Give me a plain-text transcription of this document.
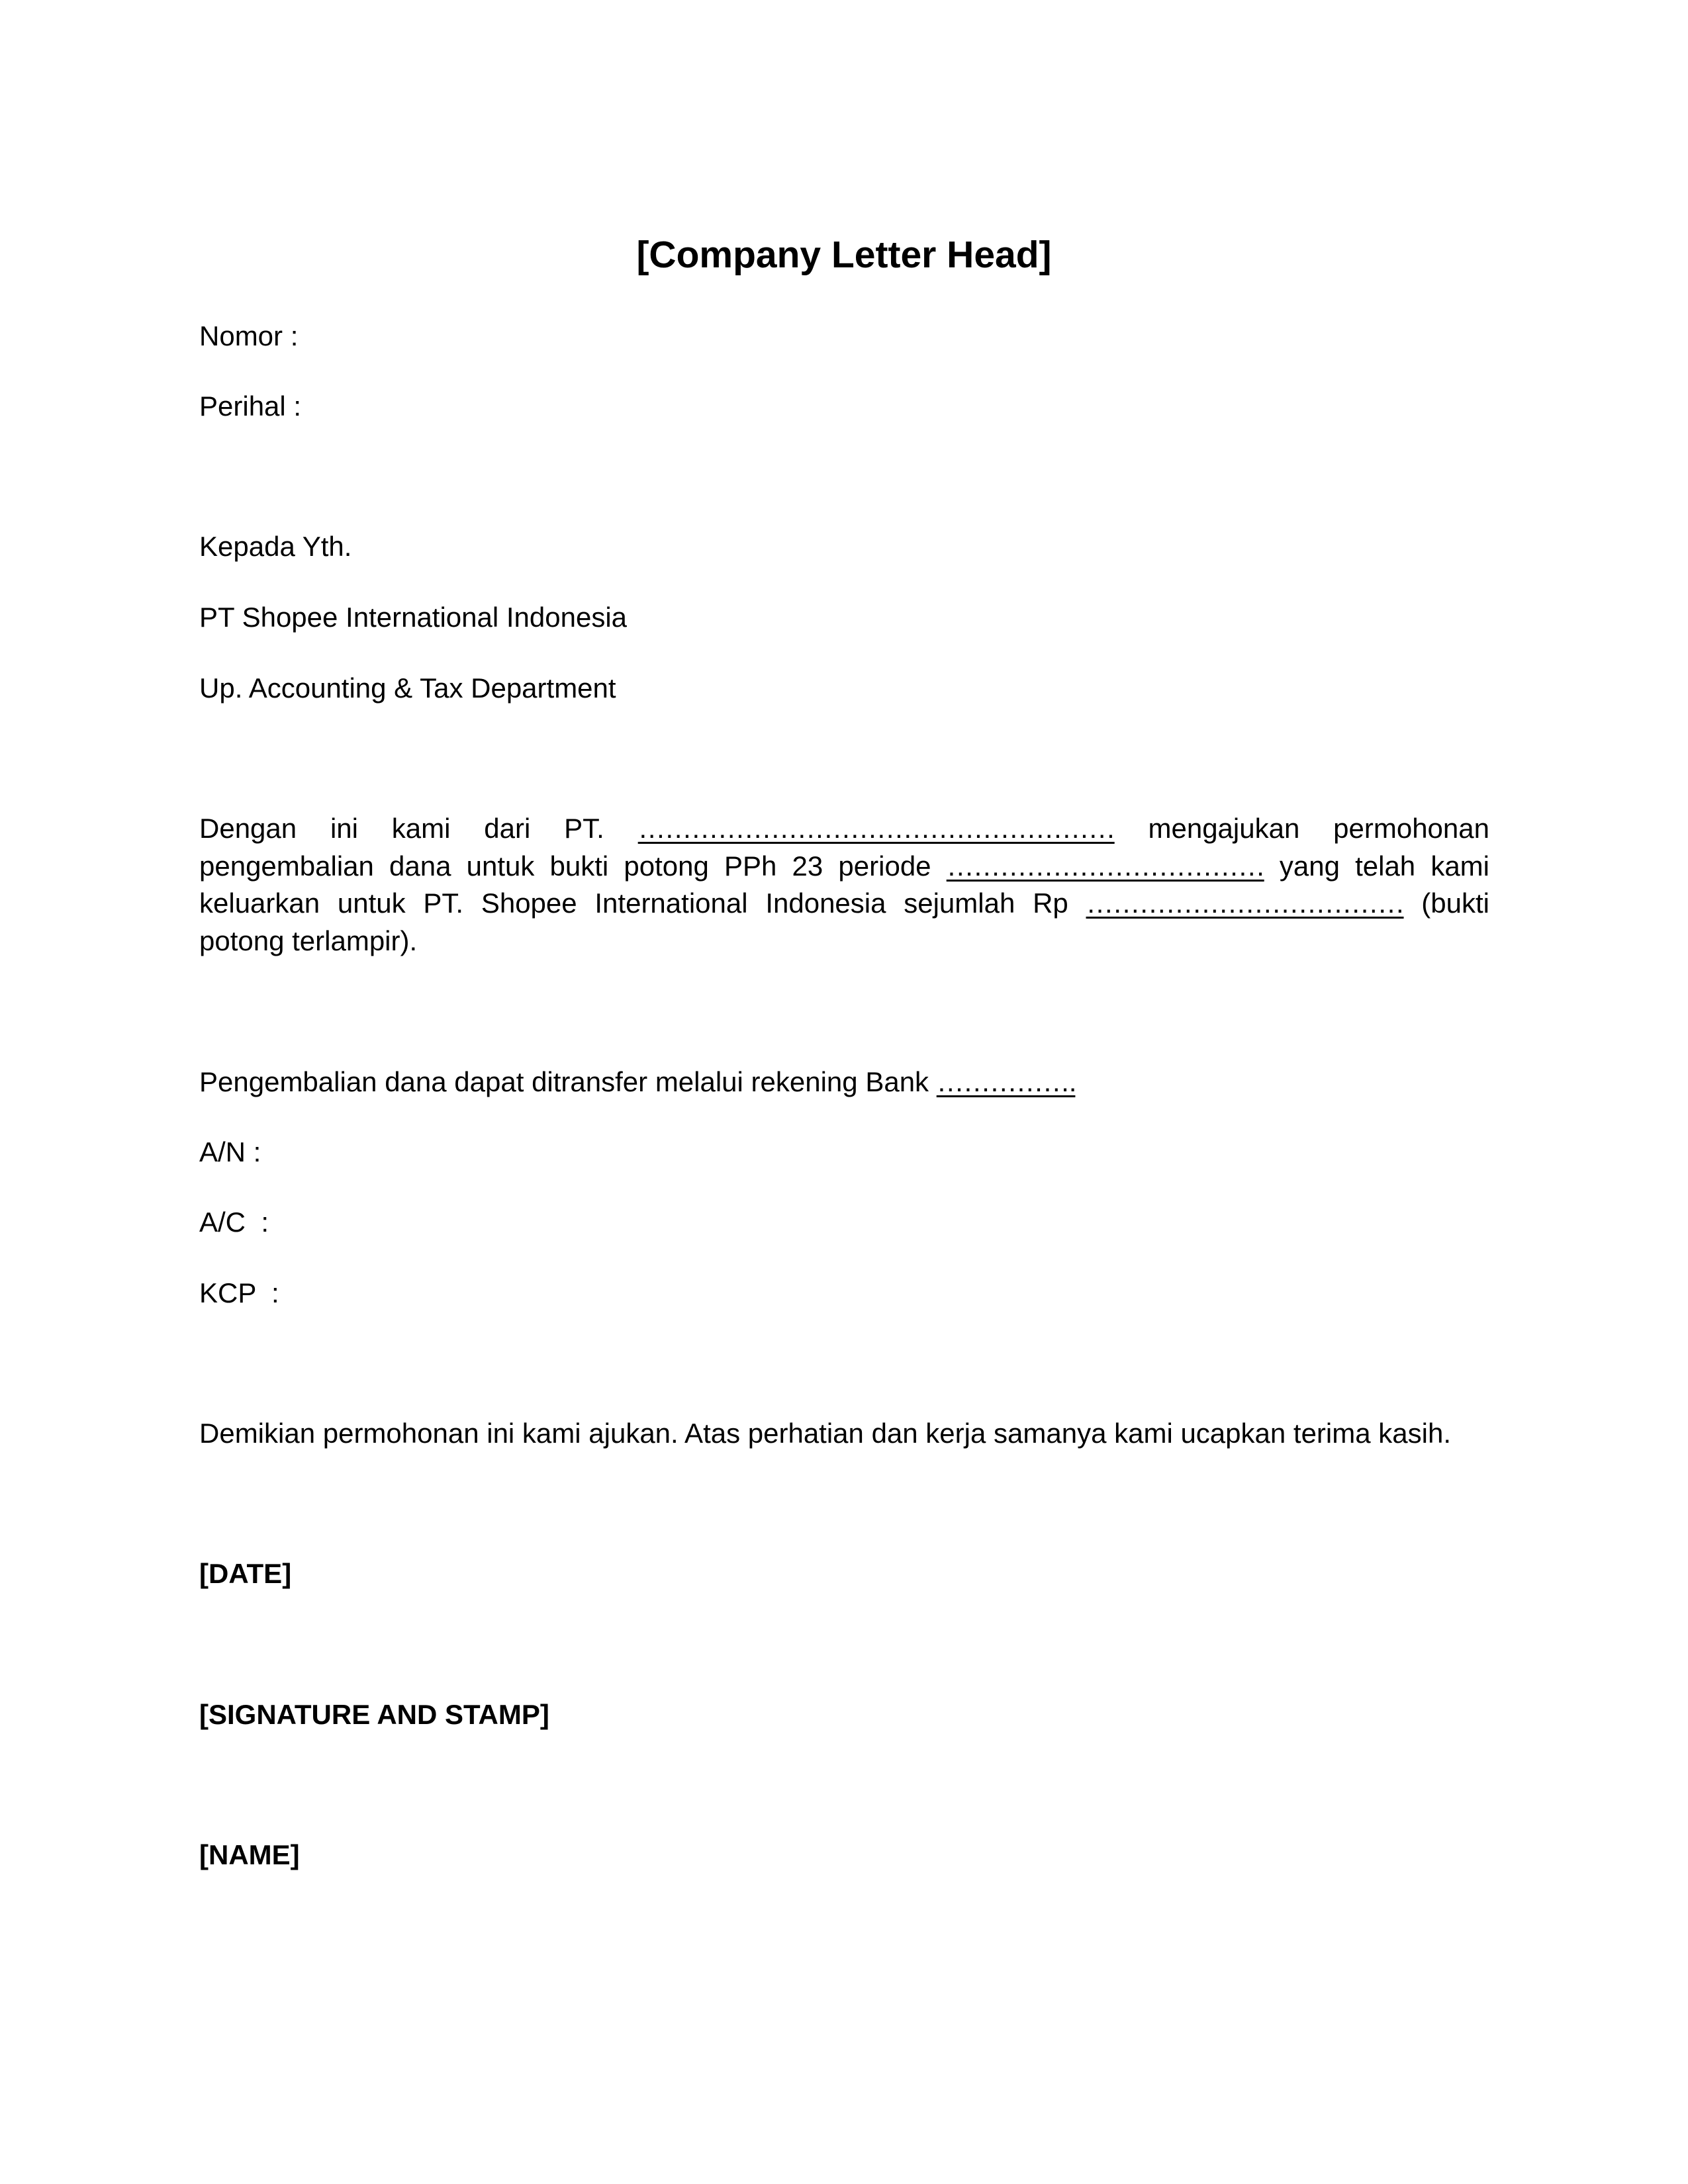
[Company Letter Head]
Nomor :
Perihal :
Kepada Yth.
PT Shopee International Indonesia
Up. Accounting & Tax Department
Dengan ini kami dari PT. ……………………………………………… mengajukan permohonan pengembalian dana untuk bukti potong PPh 23 periode ……………………………… yang telah kami keluarkan untuk PT. Shopee International Indonesia sejumlah Rp ……………………………… (bukti potong terlampir).
Pengembalian dana dapat ditransfer melalui rekening Bank …………….
A/N :
A/C  :
KCP  :
Demikian permohonan ini kami ajukan. Atas perhatian dan kerja samanya kami ucapkan terima kasih.
[DATE]
[SIGNATURE AND STAMP]
[NAME]
